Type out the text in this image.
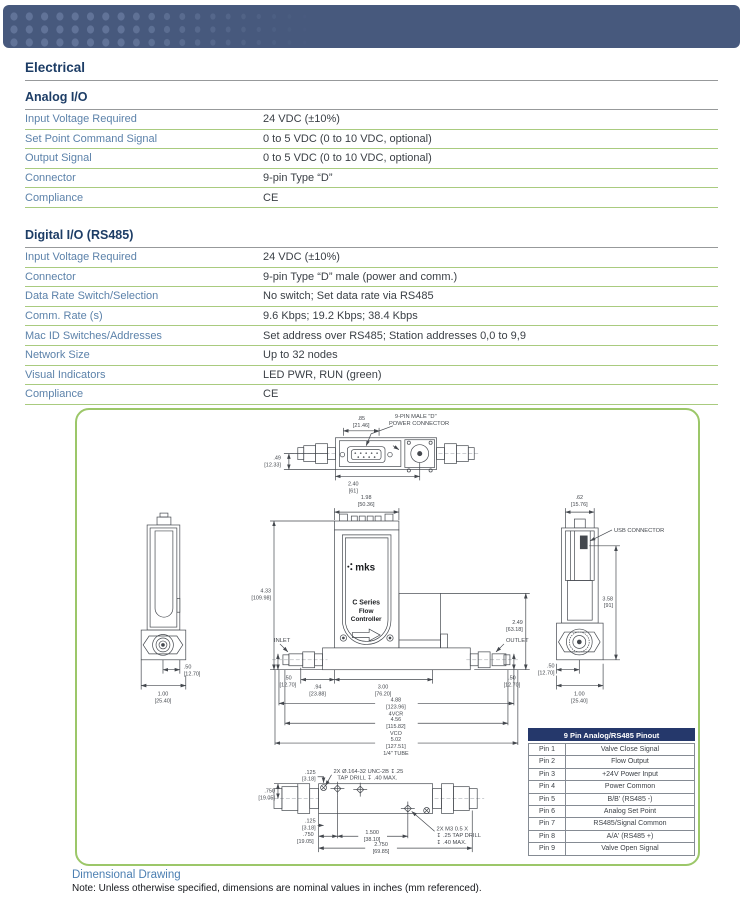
Electrical
Analog I/O
Input Voltage Required	24 VDC (±10%)
Set Point Command Signal	0 to 5 VDC (0 to 10 VDC, optional)
Output Signal	0 to 5 VDC (0 to 10 VDC, optional)
Connector	9-pin Type “D”
Compliance	CE
Digital I/O (RS485)
Input Voltage Required	24 VDC (±10%)
Connector	9-pin Type “D” male (power and comm.)
Data Rate Switch/Selection	No switch; Set data rate via RS485
Comm. Rate (s)	9.6 Kbps; 19.2 Kbps; 38.4 Kbps
Mac ID Switches/Addresses	Set address over RS485; Station addresses 0,0 to 9,9
Network Size	Up to 32 nodes
Visual Indicators	LED PWR, RUN (green)
Compliance	CE
.85
[21.46]
9-PIN MALE "D"
POWER CONNECTOR
.49
[12.33]
2.40
[61]
mks
C Series
Flow
Controller
INLET	OUTLET
1.98
[50.36]
4.33
[109.98]
2.49
[63.18]
.50
[12.70]
.50
[12.70]
.94
[23.88]
3.00
[76.20]
4.88
[123.96]
4VCR
4.56
[115.82]
VCO
5.02
[127.51]
1/4" TUBE
.50
[12.70]
1.00
[25.40]
.62
[15.76]
USB CONNECTOR
3.58
[91]
.50
[12.70]
1.00
[25.40]
2X Ø.164-32 UNC-2B ↧.25
TAP DRILL ↧ .40 MAX.
.125
[3.18]
.750
[19.05]
.125
[3.18]
.750
[19.05]
1.500
[38.10]
2.750
[69.85]
2X M3 0.5 X
↧ .25 TAP DRILL
↧ .40 MAX.
9 Pin Analog/RS485 Pinout
Pin 1	Valve Close Signal
Pin 2	Flow Output
Pin 3	+24V Power Input
Pin 4	Power Common
Pin 5	B/B' (RS485 -)
Pin 6	Analog Set Point
Pin 7	RS485/Signal Common
Pin 8	A/A' (RS485 +)
Pin 9	Valve Open Signal
Dimensional Drawing
Note: Unless otherwise specified, dimensions are nominal values in inches (mm referenced).
